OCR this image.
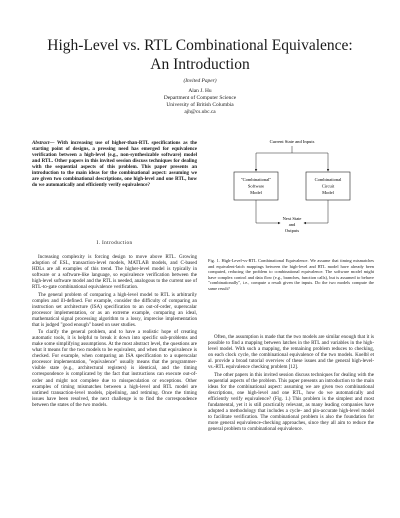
High-Level vs. RTL Combinational Equivalence:
An Introduction
(Invited Paper)
Alan J. Hu
Department of Computer Science
University of British Columbia
ajh@cs.ubc.ca

Abstract— With increasing use of higher-than-RTL specifications as the starting point of designs, a pressing need has emerged for equivalence verification between a high-level (e.g., non-synthesizable software) model and RTL. Other papers in this invited session discuss techniques for dealing with the sequential aspects of this problem. This paper presents an introduction to the main ideas for the combinational aspect: assuming we are given two combinational descriptions, one high-level and one RTL, how do we automatically and efficiently verify equivalence?

I. Introduction

Increasing complexity is forcing design to move above RTL. Growing adoption of ESL, transaction-level models, MATLAB models, and C-based HDLs are all examples of this trend. The higher-level model is typically in software or a software-like language, so equivalence verification between the high-level software model and the RTL is needed, analogous to the current use of RTL-to-gate combinational equivalence verification.

The general problem of comparing a high-level model to RTL is arbitrarily complex and ill-defined. For example, consider the difficulty of comparing an instruction set architecture (ISA) specification to an out-of-order, superscalar processor implementation, or as an extreme example, comparing an ideal, mathematical signal processing algorithm to a lossy, imprecise implementation that is judged "good enough" based on user studies.

To clarify the general problem, and to have a realistic hope of creating automatic tools, it is helpful to break it down into specific sub-problems and make some simplifying assumptions. At the most abstract level, the questions are what it means for the two models to be equivalent, and when that equivalence is checked. For example, when comparing an ISA specification to a superscalar processor implementation, "equivalence" usually means that the programmer-visible state (e.g., architectural registers) is identical, and the timing correspondence is complicated by the fact that instructions can execute out-of-order and might not complete due to misspeculation or exceptions. Other examples of timing mismatches between a high-level and RTL model are untimed transaction-level models, pipelining, and retiming. Once the timing issues have been resolved, the next challenge is to find the correspondence between the states of the two models.

Current State and Inputs
"Combinational"
Software
Model
Combinational
Circuit
Model
Next State
and
Outputs

Fig. 1. High-Level-vs-RTL Combinational Equivalence. We assume that timing mismatches and equivalent-latch mappings between the high-level and RTL model have already been computed, reducing the problem to combinational equivalence. The software model might have complex control and data flow (e.g., branches, function calls), but is assumed to behave "combinationally", i.e., compute a result given the inputs. Do the two models compute the same result?

Often, the assumption is made that the two models are similar enough that it is possible to find a mapping between latches in the RTL and variables in the high-level model. With such a mapping, the remaining problem reduces to checking, on each clock cycle, the combinational equivalence of the two models. Koelbl et al. provide a broad tutorial overview of these issues and the general high-level-vs.-RTL equivalence checking problem [12].

The other papers in this invited session discuss techniques for dealing with the sequential aspects of the problem. This paper presents an introduction to the main ideas for the combinational aspect: assuming we are given two combinational descriptions, one high-level and one RTL, how do we automatically and efficiently verify equivalence? (Fig. 1.) This problem is the simplest and most fundamental, yet it is still practically relevant, as many leading companies have adopted a methodology that includes a cycle- and pin-accurate high-level model to facilitate verification. The combinational problem is also the foundation for more general equivalence-checking approaches, since they all aim to reduce the general problem to combinational equivalence.
